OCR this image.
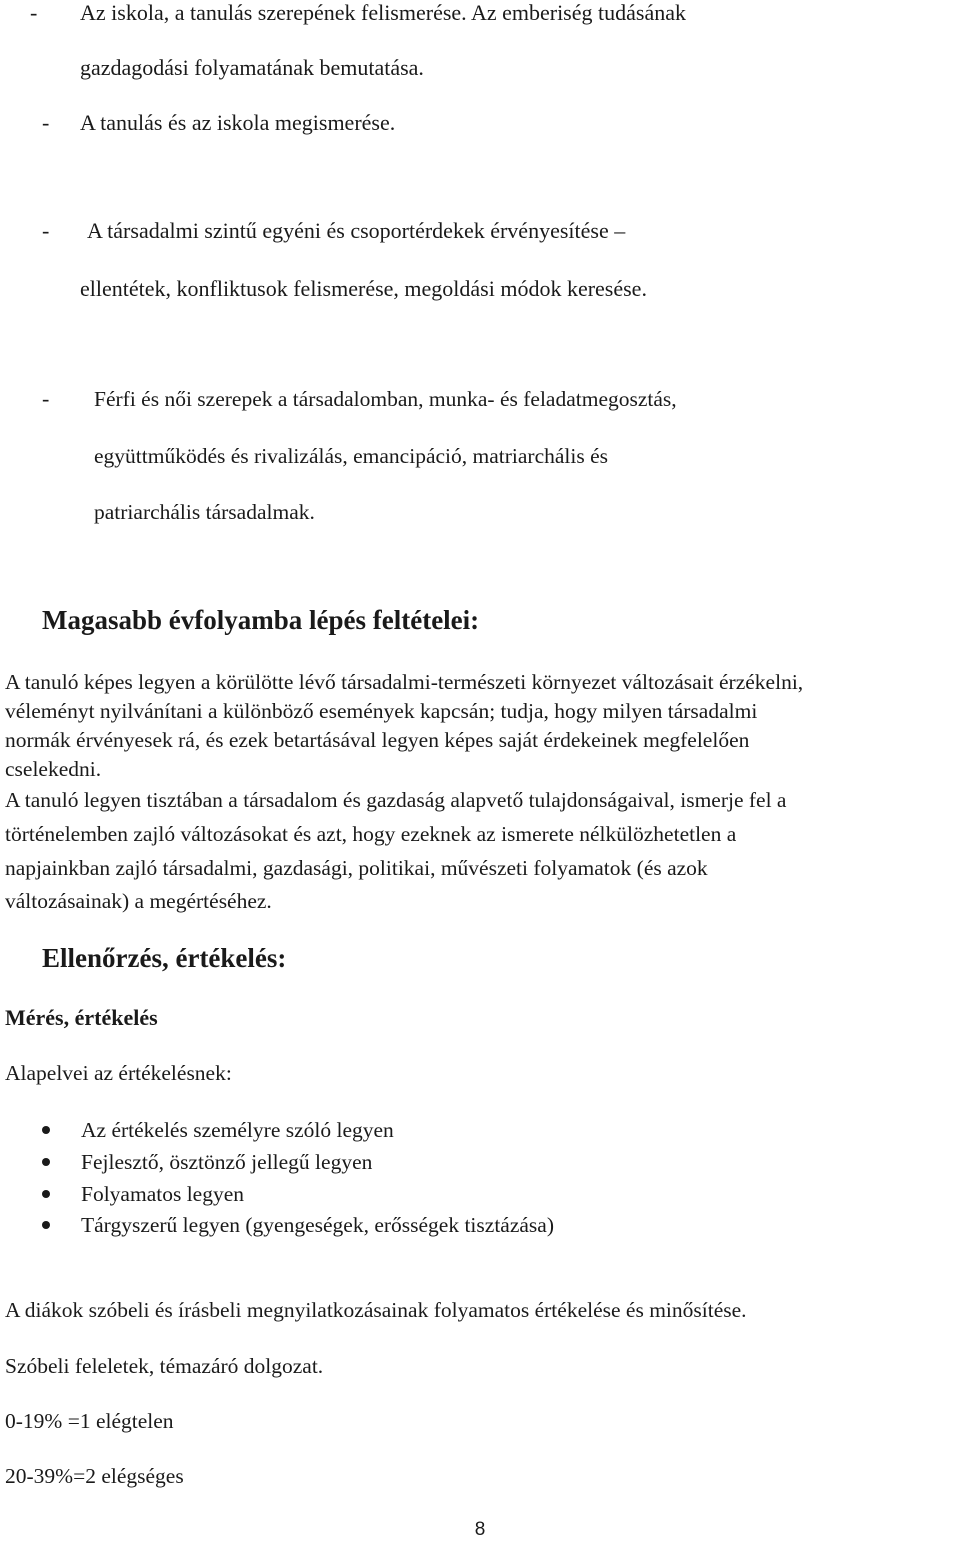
- Az iskola, a tanulás szerepének felismerése. Az emberiség tudásának
gazdagodási folyamatának bemutatása.
- A tanulás és az iskola megismerése.
- A társadalmi szintű egyéni és csoportérdekek érvényesítése –
ellentétek, konfliktusok felismerése, megoldási módok keresése.
- Férfi és női szerepek a társadalomban, munka- és feladatmegosztás,
együttműködés és rivalizálás, emancipáció, matriarchális és
patriarchális társadalmak.
Magasabb évfolyamba lépés feltételei:
A tanuló képes legyen a körülötte lévő társadalmi-természeti környezet változásait érzékelni,
véleményt nyilvánítani a különböző események kapcsán; tudja, hogy milyen társadalmi
normák érvényesek rá, és ezek betartásával legyen képes saját érdekeinek megfelelően
cselekedni.
A tanuló legyen tisztában a társadalom és gazdaság alapvető tulajdonságaival, ismerje fel a
történelemben zajló változásokat és azt, hogy ezeknek az ismerete nélkülözhetetlen a
napjainkban zajló társadalmi, gazdasági, politikai, művészeti folyamatok (és azok
változásainak) a megértéséhez.
Ellenőrzés, értékelés:
Mérés, értékelés
Alapelvei az értékelésnek:
Az értékelés személyre szóló legyen
Fejlesztő, ösztönző jellegű legyen
Folyamatos legyen
Tárgyszerű legyen (gyengeségek, erősségek tisztázása)
A diákok szóbeli és írásbeli megnyilatkozásainak folyamatos értékelése és minősítése.
Szóbeli feleletek, témazáró dolgozat.
0-19% =1 elégtelen
20-39%=2 elégséges
8
